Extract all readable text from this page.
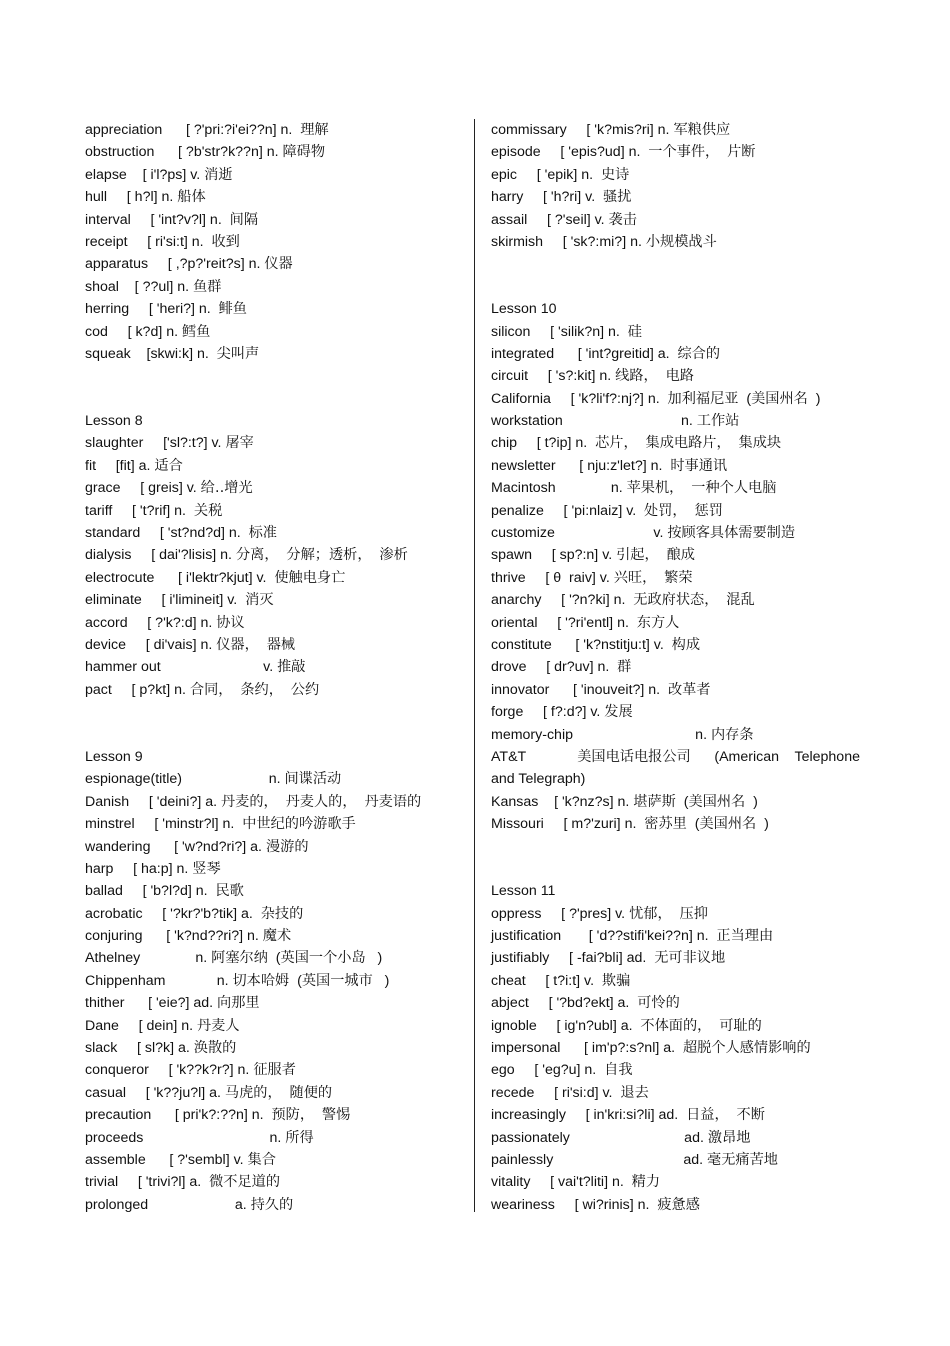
appreciation      [ ?'pri:?i'ei??n] n.  理解
obstruction      [ ?b'str?k??n] n. 障碍物
elapse    [ i'l?ps] v. 消逝
hull     [ h?l] n. 船体
interval     [ 'int?v?l] n.  间隔
receipt     [ ri'si:t] n.  收到
apparatus     [ ,?p?'reit?s] n. 仪器
shoal    [ ??ul] n. 鱼群
herring     [ 'heri?] n.  鲱鱼
cod     [ k?d] n. 鳕鱼
squeak    [skwi:k] n.  尖叫声
Lesson 8
slaughter     ['sl?:t?] v. 屠宰
fit     [fit] a. 适合
grace     [ greis] v. 给‥增光
tariff     [ 't?rif] n.  关税
standard     [ 'st?nd?d] n.  标准
dialysis     [ dai'?lisis] n. 分离，  分解；透析，  渗析
electrocute      [ i'lektr?kjut] v.  使触电身亡
eliminate     [ i'limineit] v.  消灭
accord     [ ?'k?:d] n. 协议
device     [ di'vais] n. 仪器，  器械
hammer out                          v. 推敲
pact     [ p?kt] n. 合同，  条约，  公约
Lesson 9
espionage(title)                      n. 间谍活动
Danish     [ 'deini?] a. 丹麦的，  丹麦人的，  丹麦语的
minstrel     [ 'minstr?l] n.  中世纪的吟游歌手
wandering      [ 'w?nd?ri?] a. 漫游的
harp     [ ha:p] n. 竖琴
ballad     [ 'b?l?d] n.  民歌
acrobatic     [ '?kr?'b?tik] a.  杂技的
conjuring      [ 'k?nd??ri?] n. 魔术
Athelney              n. 阿塞尔纳  (英国一个小岛   )
Chippenham             n. 切本哈姆  (英国一城市   )
thither      [ 'eie?] ad. 向那里
Dane     [ dein] n. 丹麦人
slack     [ sl?k] a. 涣散的
conqueror     [ 'k??k?r?] n. 征服者
casual     [ 'k??ju?l] a. 马虎的，  随便的
precaution      [ pri'k?:??n] n.  预防，  警惕
proceeds                                n. 所得
assemble      [ ?'sembl] v. 集合
trivial     [ 'trivi?l] a.  微不足道的
prolonged                      a. 持久的
commissary     [ 'k?mis?ri] n. 军粮供应
episode     [ 'epis?ud] n.  一个事件，  片断
epic     [ 'epik] n.  史诗
harry     [ 'h?ri] v.  骚扰
assail     [ ?'seil] v. 袭击
skirmish     [ 'sk?:mi?] n. 小规模战斗
Lesson 10
silicon     [ 'silik?n] n.  硅
integrated      [ 'int?greitid] a.  综合的
circuit     [ 's?:kit] n. 线路，  电路
California     [ 'k?li'f?:nj?] n.  加利福尼亚  (美国州名  )
workstation                              n. 工作站
chip     [ t?ip] n.  芯片，  集成电路片，  集成块
newsletter      [ nju:z'let?] n.  时事通讯
Macintosh              n. 苹果机，  一种个人电脑
penalize     [ 'pi:nlaiz] v.  处罚，  惩罚
customize                         v. 按顾客具体需要制造
spawn     [ sp?:n] v. 引起，  酿成
thrive     [ θ  raiv] v. 兴旺，  繁荣
anarchy     [ '?n?ki] n.  无政府状态，  混乱
oriental     [ '?ri'entl] n.  东方人
constitute      [ 'k?nstitju:t] v.  构成
drove     [ dr?uv] n.  群
innovator      [ 'inouveit?] n.  改革者
forge     [ f?:d?] v. 发展
memory-chip                               n. 内存条
AT&T             美国电话电报公司      (American    Telephone
and Telegraph)
Kansas    [ 'k?nz?s] n. 堪萨斯  (美国州名  )
Missouri     [ m?'zuri] n.  密苏里  (美国州名  )
Lesson 11
oppress     [ ?'pres] v. 忧郁，  压抑
justification       [ 'd??stifi'kei??n] n.  正当理由
justifiably     [ -fai?bli] ad.  无可非议地
cheat     [ t?i:t] v.  欺骗
abject     [ '?bd?ekt] a.  可怜的
ignoble     [ ig'n?ubl] a.  不体面的，  可耻的
impersonal      [ im'p?:s?nl] a.  超脱个人感情影响的
ego     [ 'eg?u] n.  自我
recede     [ ri'si:d] v.  退去
increasingly     [ in'kri:si?li] ad.  日益，  不断
passionately                             ad. 激昂地
painlessly                                 ad. 毫无痛苦地
vitality     [ vai't?liti] n.  精力
weariness     [ wi?rinis] n.  疲惫感
